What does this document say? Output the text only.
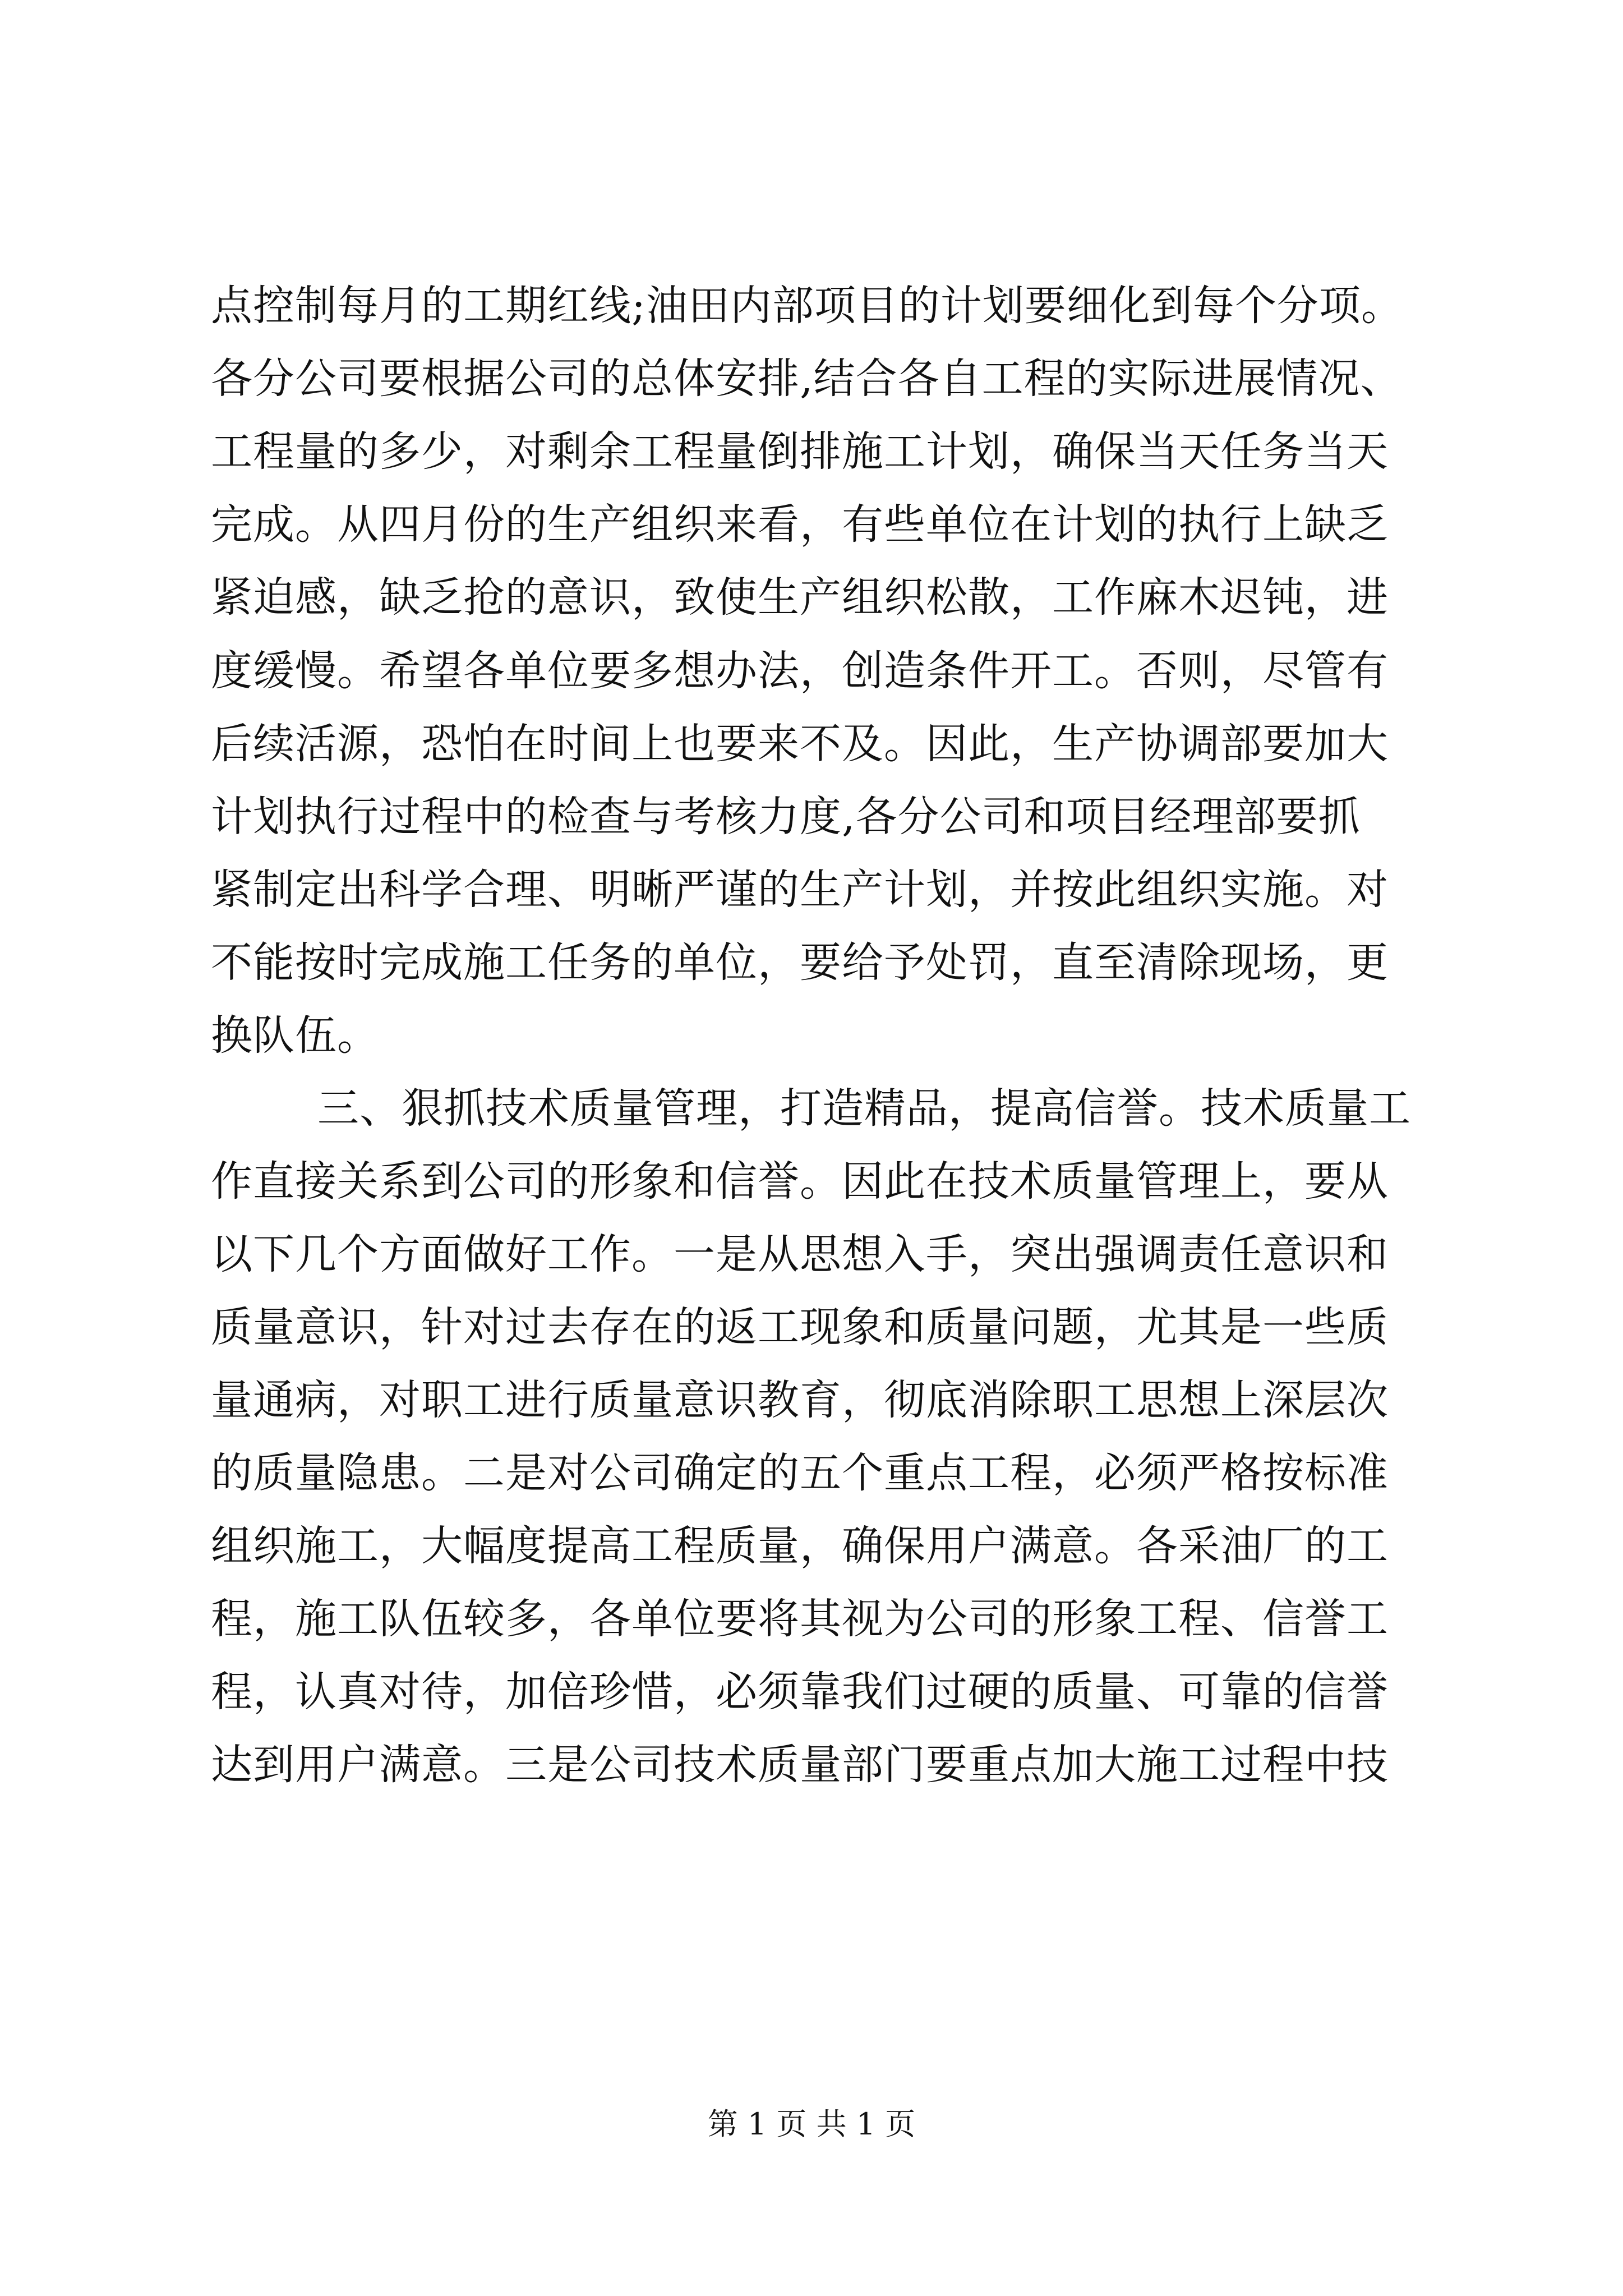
点控制每月的工期红线;油田内部项目的计划要细化到每个分项。
各分公司要根据公司的总体安排,结合各自工程的实际进展情况、
工程量的多少，对剩余工程量倒排施工计划，确保当天任务当天
完成。从四月份的生产组织来看，有些单位在计划的执行上缺乏
紧迫感，缺乏抢的意识，致使生产组织松散，工作麻木迟钝，进
度缓慢。希望各单位要多想办法，创造条件开工。否则，尽管有
后续活源，恐怕在时间上也要来不及。因此，生产协调部要加大
计划执行过程中的检查与考核力度,各分公司和项目经理部要抓
紧制定出科学合理、明晰严谨的生产计划，并按此组织实施。对
不能按时完成施工任务的单位，要给予处罚，直至清除现场，更
换队伍。
三、狠抓技术质量管理，打造精品，提高信誉。技术质量工
作直接关系到公司的形象和信誉。因此在技术质量管理上，要从
以下几个方面做好工作。一是从思想入手，突出强调责任意识和
质量意识，针对过去存在的返工现象和质量问题，尤其是一些质
量通病，对职工进行质量意识教育，彻底消除职工思想上深层次
的质量隐患。二是对公司确定的五个重点工程，必须严格按标准
组织施工，大幅度提高工程质量，确保用户满意。各采油厂的工
程，施工队伍较多，各单位要将其视为公司的形象工程、信誉工
程，认真对待，加倍珍惜，必须靠我们过硬的质量、可靠的信誉
达到用户满意。三是公司技术质量部门要重点加大施工过程中技
第 1 页 共 1 页
